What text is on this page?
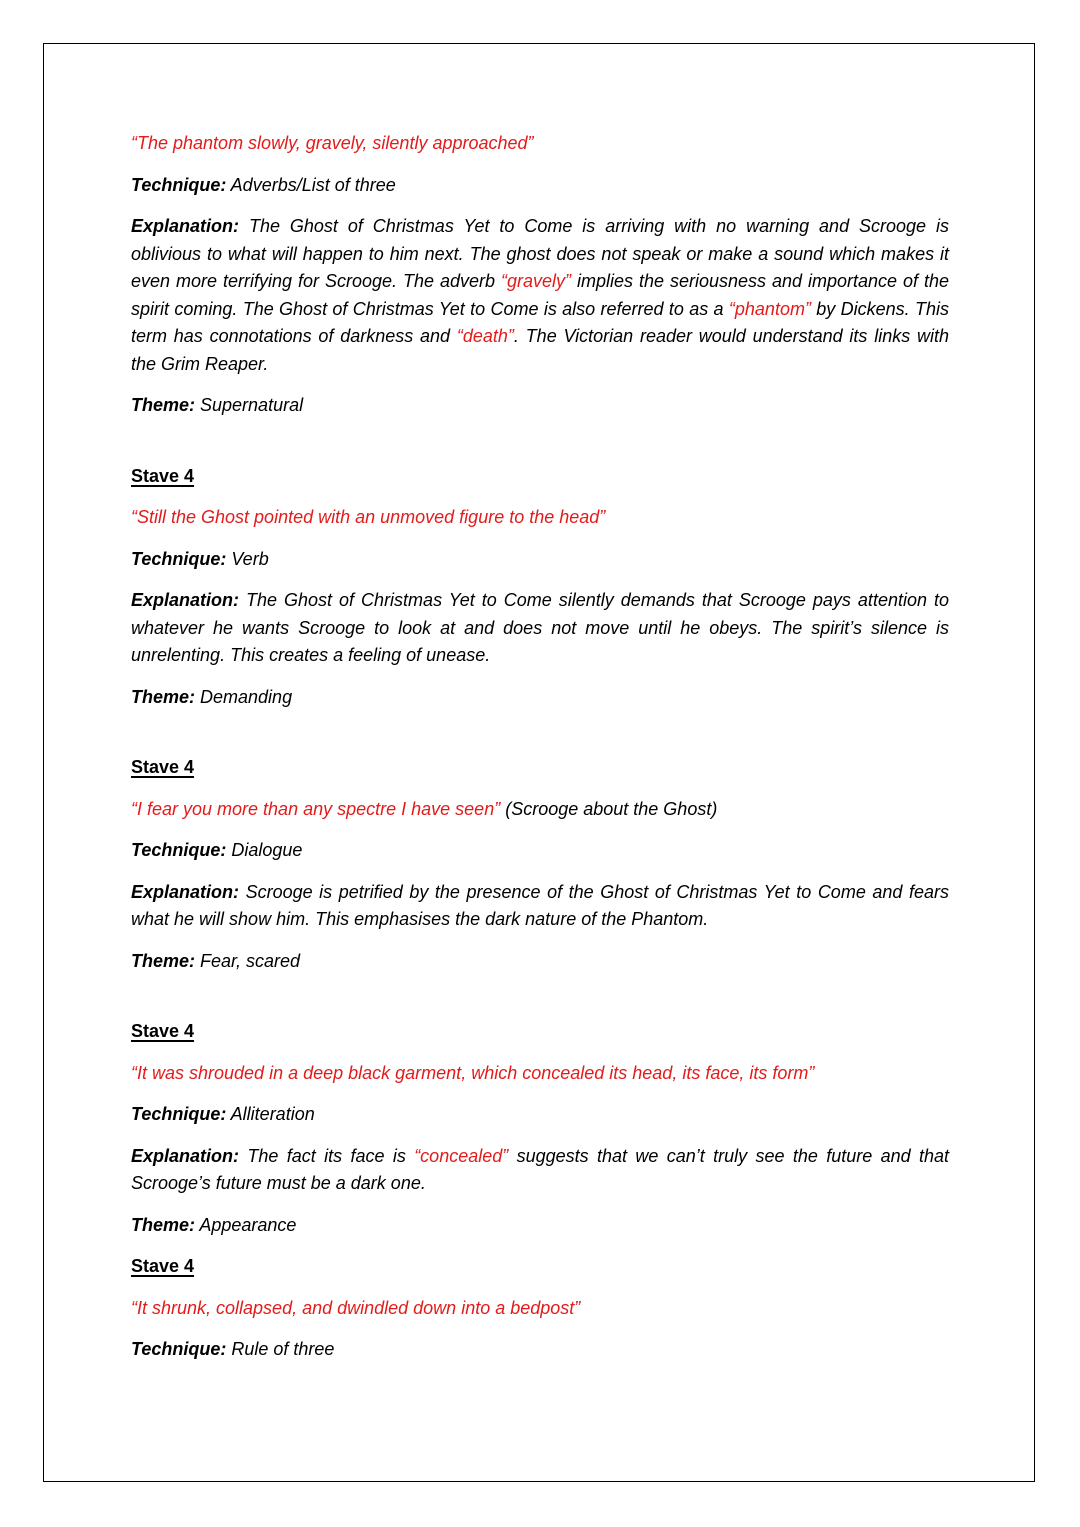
“The phantom slowly, gravely, silently approached”

Technique: Adverbs/List of three

Explanation: The Ghost of Christmas Yet to Come is arriving with no warning and Scrooge is oblivious to what will happen to him next. The ghost does not speak or make a sound which makes it even more terrifying for Scrooge. The adverb “gravely” implies the seriousness and importance of the spirit coming. The Ghost of Christmas Yet to Come is also referred to as a “phantom” by Dickens. This term has connotations of darkness and “death”. The Victorian reader would understand its links with the Grim Reaper.

Theme: Supernatural

Stave 4

“Still the Ghost pointed with an unmoved figure to the head”

Technique: Verb

Explanation: The Ghost of Christmas Yet to Come silently demands that Scrooge pays attention to whatever he wants Scrooge to look at and does not move until he obeys. The spirit’s silence is unrelenting. This creates a feeling of unease.

Theme: Demanding

Stave 4

“I fear you more than any spectre I have seen” (Scrooge about the Ghost)

Technique: Dialogue

Explanation: Scrooge is petrified by the presence of the Ghost of Christmas Yet to Come and fears what he will show him. This emphasises the dark nature of the Phantom.

Theme: Fear, scared

Stave 4

“It was shrouded in a deep black garment, which concealed its head, its face, its form”

Technique: Alliteration

Explanation: The fact its face is “concealed” suggests that we can’t truly see the future and that Scrooge’s future must be a dark one.

Theme: Appearance

Stave 4

“It shrunk, collapsed, and dwindled down into a bedpost”

Technique: Rule of three
